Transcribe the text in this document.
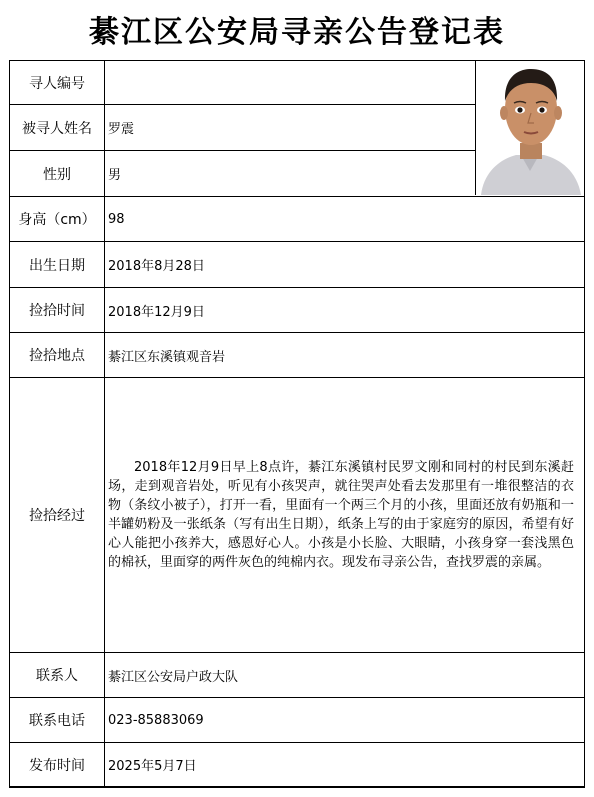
綦江区公安局寻亲公告登记表
寻人编号
被寻人姓名	罗震
性别	男
身高（cm） 98
出生日期	2018年8月28日
捡拾时间	2018年12月9日
捡拾地点	綦江区东溪镇观音岩
捡拾经过
2018年12月9日早上8点许，綦江东溪镇村民罗文刚和同村的村民到东溪赶场，走到观音岩处，听见有小孩哭声，就往哭声处看去发那里有一堆很整洁的衣物（条纹小被子），打开一看，里面有一个两三个月的小孩，里面还放有奶瓶和一半罐奶粉及一张纸条（写有出生日期），纸条上写的由于家庭穷的原因，希望有好心人能把小孩养大，感恩好心人。小孩是小长脸、大眼睛，小孩身穿一套浅黑色的棉袄，里面穿的两件灰色的纯棉内衣。现发布寻亲公告，查找罗震的亲属。
联系人	綦江区公安局户政大队
联系电话	023-85883069
发布时间	2025年5月7日
